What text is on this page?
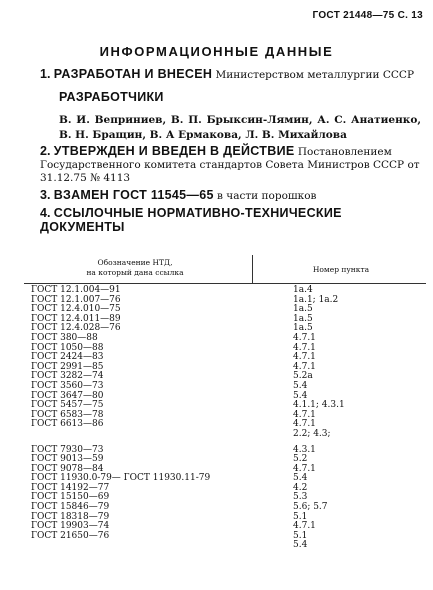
ГОСТ 21448—75 С. 13
ИНФОРМАЦИОННЫЕ ДАННЫЕ
1. РАЗРАБОТАН И ВНЕСЕН Министерством металлургии СССР
РАЗРАБОТЧИКИ
В. И. Веприниев, В. П. Брыксин-Лямин, А. С. Анатиенко, В. Н. Бращин, В. А Ермакова, Л. В. Михайлова
2. УТВЕРЖДЕН И ВВЕДЕН В ДЕЙСТВИЕ Постановлением Государственного комитета стандартов Совета Министров СССР от 31.12.75 № 4113
3. ВЗАМЕН ГОСТ 11545—65 в части порошков
4. ССЫЛОЧНЫЕ НОРМАТИВНО-ТЕХНИЧЕСКИЕ ДОКУМЕНТЫ
Обозначение НТД,
на который дана ссылка	Номер пункта
ГОСТ 12.1.004—91	1а.4
ГОСТ 12.1.007—76	1а.1; 1а.2
ГОСТ 12.4.010—75	1а.5
ГОСТ 12.4.011—89	1а.5
ГОСТ 12.4.028—76	1а.5
ГОСТ 380—88	4.7.1
ГОСТ 1050—88	4.7.1
ГОСТ 2424—83	4.7.1
ГОСТ 2991—85	4.7.1
ГОСТ 3282—74	5.2а
ГОСТ 3560—73	5.4
ГОСТ 3647—80	5.4
ГОСТ 5457—75	4.1.1; 4.3.1
ГОСТ 6583—78	4.7.1
ГОСТ 6613—86	4.7.1
2.2; 4.3;
ГОСТ 7930—73	4.3.1
ГОСТ 9013—59	5.2
ГОСТ 9078—84	4.7.1
ГОСТ 11930.0-79— ГОСТ 11930.11-79	5.4
ГОСТ 14192—77	4.2
ГОСТ 15150—69	5.3
ГОСТ 15846—79	5.6; 5.7
ГОСТ 18318—79	5.1
ГОСТ 19903—74	4.7.1
ГОСТ 21650—76	5.1
5.4
